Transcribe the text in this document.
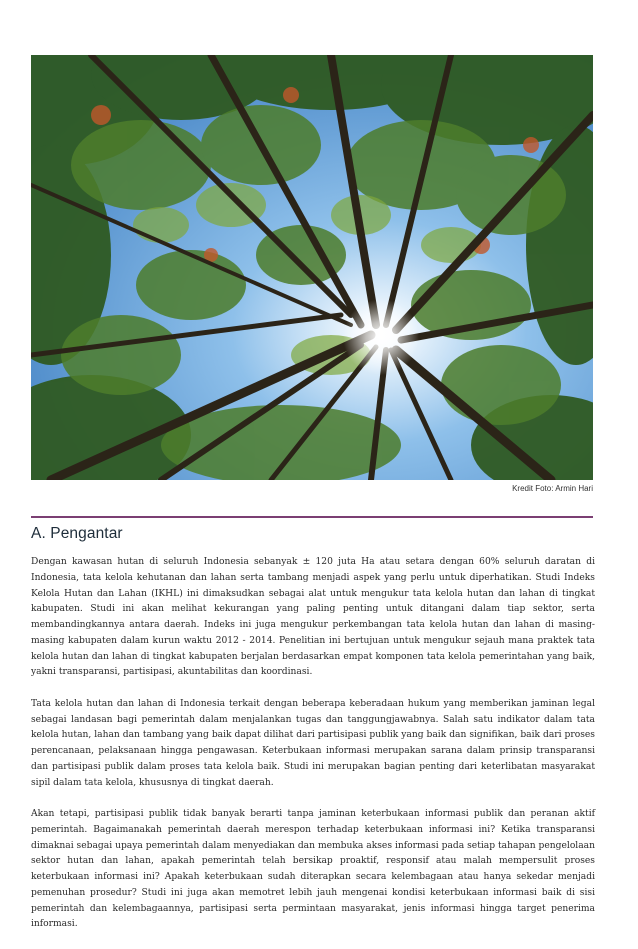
Kredit Foto: Armin Hari
A. Pengantar

Dengan kawasan hutan di seluruh Indonesia sebanyak ± 120 juta Ha atau setara dengan 60% seluruh daratan di Indonesia, tata kelola kehutanan dan lahan serta tambang menjadi aspek yang perlu untuk diperhatikan. Studi Indeks Kelola Hutan dan Lahan (IKHL) ini dimaksudkan sebagai alat untuk mengukur tata kelola hutan dan lahan di tingkat kabupaten. Studi ini akan melihat kekurangan yang paling penting untuk ditangani dalam tiap sektor, serta membandingkannya antara daerah. Indeks ini juga mengukur perkembangan tata kelola hutan dan lahan di masing-masing kabupaten dalam kurun waktu 2012 - 2014. Penelitian ini bertujuan untuk mengukur sejauh mana praktek tata kelola hutan dan lahan di tingkat kabupaten berjalan berdasarkan empat komponen tata kelola pemerintahan yang baik, yakni transparansi, partisipasi, akuntabilitas dan koordinasi.

Tata kelola hutan dan lahan di Indonesia terkait dengan beberapa keberadaan hukum yang memberikan jaminan legal sebagai landasan bagi pemerintah dalam menjalankan tugas dan tanggungjawabnya. Salah satu indikator dalam tata kelola hutan, lahan dan tambang yang baik dapat dilihat dari partisipasi publik yang baik dan signifikan, baik dari proses perencanaan, pelaksanaan hingga pengawasan. Keterbukaan informasi merupakan sarana dalam prinsip transparansi dan partisipasi publik dalam proses tata kelola baik. Studi ini merupakan bagian penting dari keterlibatan masyarakat sipil dalam tata kelola, khususnya di tingkat daerah.

Akan tetapi, partisipasi publik tidak banyak berarti tanpa jaminan keterbukaan informasi publik dan peranan aktif pemerintah. Bagaimanakah pemerintah daerah merespon terhadap keterbukaan informasi ini? Ketika transparansi dimaknai sebagai upaya pemerintah dalam menyediakan dan membuka akses informasi pada setiap tahapan pengelolaan sektor hutan dan lahan, apakah pemerintah telah bersikap proaktif, responsif atau malah mempersulit proses keterbukaan informasi ini? Apakah keterbukaan sudah diterapkan secara kelembagaan atau hanya sekedar menjadi pemenuhan prosedur? Studi ini juga akan memotret lebih jauh mengenai kondisi keterbukaan informasi baik di sisi pemerintah dan kelembagaannya, partisipasi serta permintaan masyarakat, jenis informasi hingga target penerima informasi.
